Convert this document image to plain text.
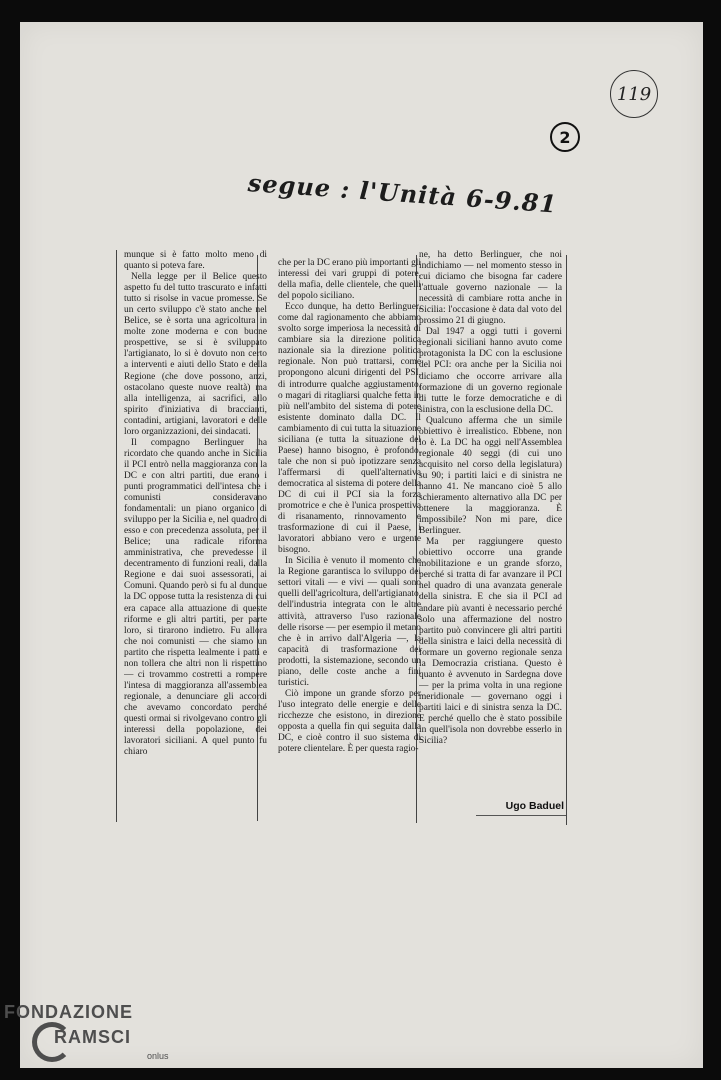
119
2
segue : l'Unità 6-9.81

munque si è fatto molto meno di quanto si poteva fare.

Nella legge per il Belice questo aspetto fu del tutto trascurato e infatti tutto si risolse in vacue promesse. Se un certo sviluppo c'è stato anche nel Belice, se è sorta una agricoltura in molte zone moderna e con buone prospettive, se si è sviluppato l'artigianato, lo si è dovuto non certo a interventi e aiuti dello Stato e della Regione (che dove possono, anzi, ostacolano queste nuove realtà) ma alla intelligenza, ai sacrifici, allo spirito d'iniziativa di braccianti, contadini, artigiani, lavoratori e delle loro organizzazioni, dei sindacati.

Il compagno Berlinguer ha ricordato che quando anche in Sicilia il PCI entrò nella maggioranza con la DC e con altri partiti, due erano i punti programmatici dell'intesa che i comunisti consideravano fondamentali: un piano organico di sviluppo per la Sicilia e, nel quadro di esso e con precedenza assoluta, per il Belice; una radicale riforma amministrativa, che prevedesse il decentramento di funzioni reali, dalla Regione e dai suoi assessorati, ai Comuni. Quando però si fu al dunque la DC oppose tutta la resistenza di cui era capace alla attuazione di queste riforme e gli altri partiti, per parte loro, si tirarono indietro. Fu allora che noi comunisti — che siamo un partito che rispetta lealmente i patti e non tollera che altri non li rispettino — ci trovammo costretti a rompere l'intesa di maggioranza all'assemblea regionale, a denunciare gli accordi che avevamo concordato perché questi ormai si rivolgevano contro gli interessi della popolazione, dei lavoratori siciliani. A quel punto fu chiaro

che per la DC erano più importanti gli interessi dei vari gruppi di potere, della mafia, delle clientele, che quelli del popolo siciliano.

Ecco dunque, ha detto Berlinguer, come dal ragionamento che abbiamo svolto sorge imperiosa la necessità di cambiare sia la direzione politica nazionale sia la direzione politica regionale. Non può trattarsi, come propongono alcuni dirigenti del PSI, di introdurre qualche aggiustamento, o magari di ritagliarsi qualche fetta in più nell'ambito del sistema di potere esistente dominato dalla DC. Il cambiamento di cui tutta la situazione siciliana (e tutta la situazione del Paese) hanno bisogno, è profondo, tale che non si può ipotizzare senza l'affermarsi di quell'alternativa democratica al sistema di potere della DC di cui il PCI sia la forza promotrice e che è l'unica prospettiva di risanamento, rinnovamento e trasformazione di cui il Paese, i lavoratori abbiano vero e urgente bisogno.

In Sicilia è venuto il momento che la Regione garantisca lo sviluppo dei settori vitali — e vivi — quali sono quelli dell'agricoltura, dell'artigianato, dell'industria integrata con le altre attività, attraverso l'uso razionale delle risorse — per esempio il metano che è in arrivo dall'Algeria —, la capacità di trasformazione dei prodotti, la sistemazione, secondo un piano, delle coste anche a fini turistici.

Ciò impone un grande sforzo per l'uso integrato delle energie e delle ricchezze che esistono, in direzione opposta a quella fin qui seguita dalla DC, e cioè contro il suo sistema di potere clientelare. È per questa ragio-

ne, ha detto Berlinguer, che noi indichiamo — nel momento stesso in cui diciamo che bisogna far cadere l'attuale governo nazionale — la necessità di cambiare rotta anche in Sicilia: l'occasione è data dal voto del prossimo 21 di giugno.

Dal 1947 a oggi tutti i governi regionali siciliani hanno avuto come protagonista la DC con la esclusione del PCI: ora anche per la Sicilia noi diciamo che occorre arrivare alla formazione di un governo regionale di tutte le forze democratiche e di sinistra, con la esclusione della DC.

Qualcuno afferma che un simile obiettivo è irrealistico. Ebbene, non lo è. La DC ha oggi nell'Assemblea regionale 40 seggi (di cui uno acquisito nel corso della legislatura) su 90; i partiti laici e di sinistra ne hanno 41. Ne mancano cioè 5 allo schieramento alternativo alla DC per ottenere la maggioranza. È impossibile? Non mi pare, dice Berlinguer.

Ma per raggiungere questo obiettivo occorre una grande mobilitazione e un grande sforzo, perché si tratta di far avanzare il PCI nel quadro di una avanzata generale della sinistra. E che sia il PCI ad andare più avanti è necessario perché solo una affermazione del nostro partito può convincere gli altri partiti della sinistra e laici della necessità di formare un governo regionale senza la Democrazia cristiana. Questo è quanto è avvenuto in Sardegna dove — per la prima volta in una regione meridionale — governano oggi i partiti laici e di sinistra senza la DC. E perché quello che è stato possibile in quell'isola non dovrebbe esserlo in Sicilia?

Ugo Baduel
FONDAZIONE
RAMSCI
onlus
